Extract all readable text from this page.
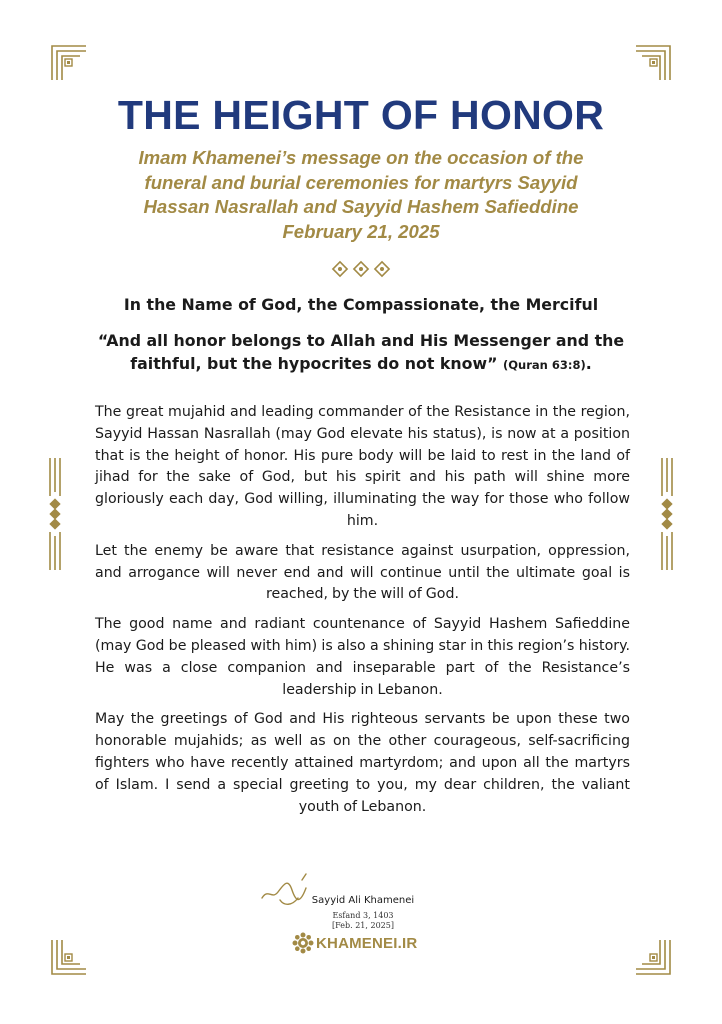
THE HEIGHT OF HONOR
Imam Khamenei’s message on the occasion of the
funeral and burial ceremonies for martyrs Sayyid
Hassan Nasrallah and Sayyid Hashem Safieddine
February 21, 2025
In the Name of God, the Compassionate, the Merciful
“And all honor belongs to Allah and His Messenger and the
faithful, but the hypocrites do not know” (Quran 63:8).

The great mujahid and leading commander of the Resistance in the region, Sayyid Hassan Nasrallah (may God elevate his status), is now at a position that is the height of honor. His pure body will be laid to rest in the land of jihad for the sake of God, but his spirit and his path will shine more gloriously each day, God willing, illuminating the way for those who follow him.

Let the enemy be aware that resistance against usurpation, oppression, and arrogance will never end and will continue until the ultimate goal is reached, by the will of God.

The good name and radiant countenance of Sayyid Hashem Safieddine (may God be pleased with him) is also a shining star in this region’s history. He was a close companion and inseparable part of the Resistance’s leadership in Lebanon.

May the greetings of God and His righteous servants be upon these two honorable mujahids; as well as on the other courageous, self-sacrificing fighters who have recently attained martyrdom; and upon all the martyrs of Islam. I send a special greeting to you, my dear children, the valiant youth of Lebanon.

Sayyid Ali Khamenei
Esfand 3, 1403
[Feb. 21, 2025]
KHAMENEI.IR
